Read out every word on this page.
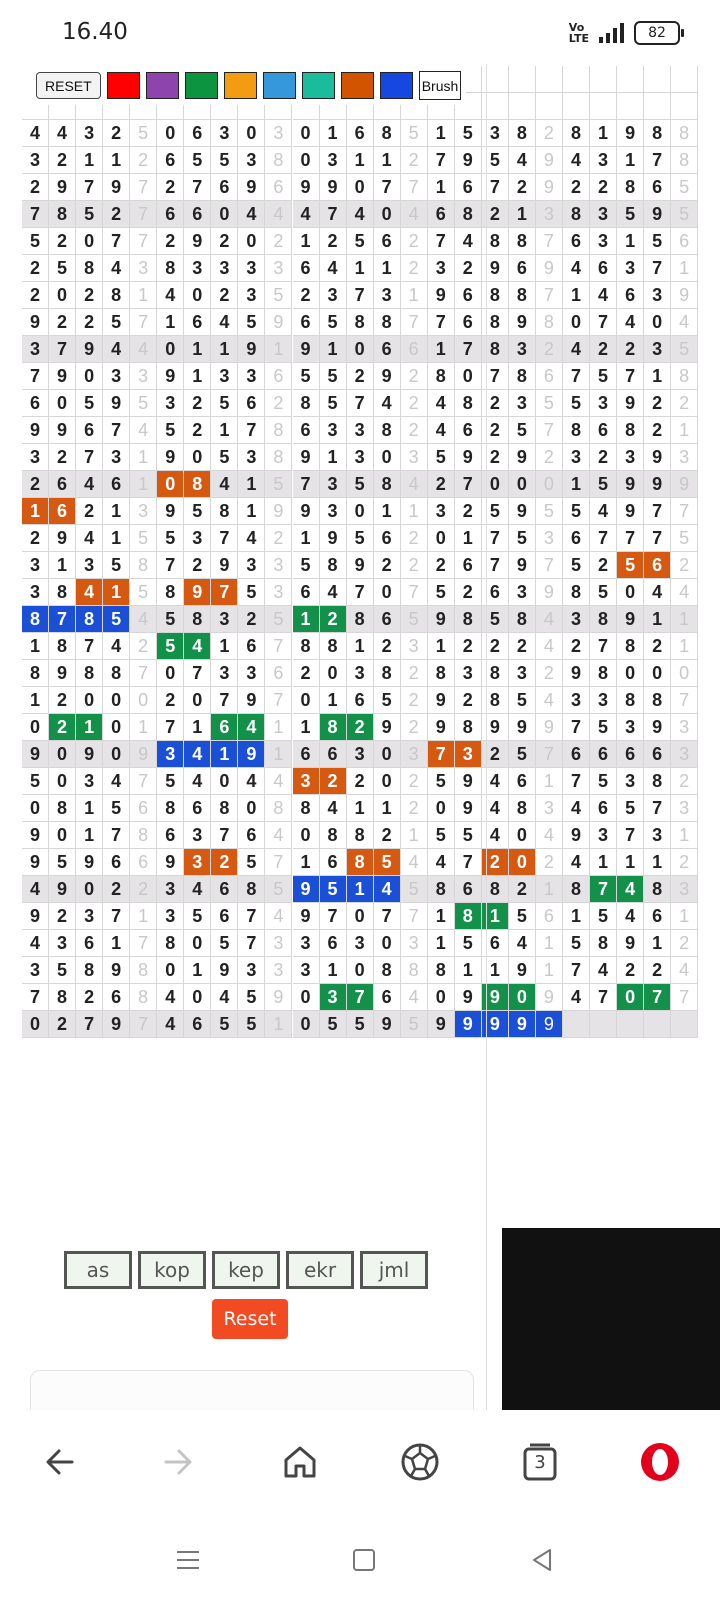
16.40	Vo
LTE	82
4 4 3 2 5 0 6 3 0 3 0 1 6 8 5 1 5 3 8 2 8 1 9 8 8
3 2 1 1 2 6 5 5 3 8 0 3 1 1 2 7 9 5 4 9 4 3 1 7 8
2 9 7 9 7 2 7 6 9 6 9 9 0 7 7 1 6 7 2 9 2 2 8 6 5
7 8 5 2 7 6 6 0 4 4 4 7 4 0 4 6 8 2 1 3 8 3 5 9 5
5 2 0 7 7 2 9 2 0 2 1 2 5 6 2 7 4 8 8 7 6 3 1 5 6
2 5 8 4 3 8 3 3 3 3 6 4 1 1 2 3 2 9 6 9 4 6 3 7 1
2 0 2 8 1 4 0 2 3 5 2 3 7 3 1 9 6 8 8 7 1 4 6 3 9
9 2 2 5 7 1 6 4 5 9 6 5 8 8 7 7 6 8 9 8 0 7 4 0 4
3 7 9 4 4 0 1 1 9 1 9 1 0 6 6 1 7 8 3 2 4 2 2 3 5
7 9 0 3 3 9 1 3 3 6 5 5 2 9 2 8 0 7 8 6 7 5 7 1 8
6 0 5 9 5 3 2 5 6 2 8 5 7 4 2 4 8 2 3 5 5 3 9 2 2
9 9 6 7 4 5 2 1 7 8 6 3 3 8 2 4 6 2 5 7 8 6 8 2 1
3 2 7 3 1 9 0 5 3 8 9 1 3 0 3 5 9 2 9 2 3 2 3 9 3
2 6 4 6 1 0 8 4 1 5 7 3 5 8 4 2 7 0 0 0 1 5 9 9 9
1 6 2 1 3 9 5 8 1 9 9 3 0 1 1 3 2 5 9 5 5 4 9 7 7
2 9 4 1 5 5 3 7 4 2 1 9 5 6 2 0 1 7 5 3 6 7 7 7 5
3 1 3 5 8 7 2 9 3 3 5 8 9 2 2 2 6 7 9 7 5 2 5 6 2
3 8 4 1 5 8 9 7 5 3 6 4 7 0 7 5 2 6 3 9 8 5 0 4 4
8 7 8 5 4 5 8 3 2 5 1 2 8 6 5 9 8 5 8 4 3 8 9 1 1
1 8 7 4 2 5 4 1 6 7 8 8 1 2 3 1 2 2 2 4 2 7 8 2 1
8 9 8 8 7 0 7 3 3 6 2 0 3 8 2 8 3 8 3 2 9 8 0 0 0
1 2 0 0 0 2 0 7 9 7 0 1 6 5 2 9 2 8 5 4 3 3 8 8 7
0 2 1 0 1 7 1 6 4 1 1 8 2 9 2 9 8 9 9 9 7 5 3 9 3
9 0 9 0 9 3 4 1 9 1 6 6 3 0 3 7 3 2 5 7 6 6 6 6 3
5 0 3 4 7 5 4 0 4 4 3 2 2 0 2 5 9 4 6 1 7 5 3 8 2
0 8 1 5 6 8 6 8 0 8 8 4 1 1 2 0 9 4 8 3 4 6 5 7 3
9 0 1 7 8 6 3 7 6 4 0 8 8 2 1 5 5 4 0 4 9 3 7 3 1
9 5 9 6 6 9 3 2 5 7 1 6 8 5 4 4 7 2 0 2 4 1 1 1 2
4 9 0 2 2 3 4 6 8 5 9 5 1 4 5 8 6 8 2 1 8 7 4 8 3
9 2 3 7 1 3 5 6 7 4 9 7 0 7 7 1 8 1 5 6 1 5 4 6 1
4 3 6 1 7 8 0 5 7 3 3 6 3 0 3 1 5 6 4 1 5 8 9 1 2
3 5 8 9 8 0 1 9 3 3 3 1 0 8 8 8 1 1 9 1 7 4 2 2 4
7 8 2 6 8 4 0 4 5 9 0 3 7 6 4 0 9 9 0 9 4 7 0 7 7
0 2 7 9 7 4 6 5 5 1 0 5 5 9 5 9 9 9 9 9
RESET	Brush
as	kop	kep	ekr	jml
Reset
3
